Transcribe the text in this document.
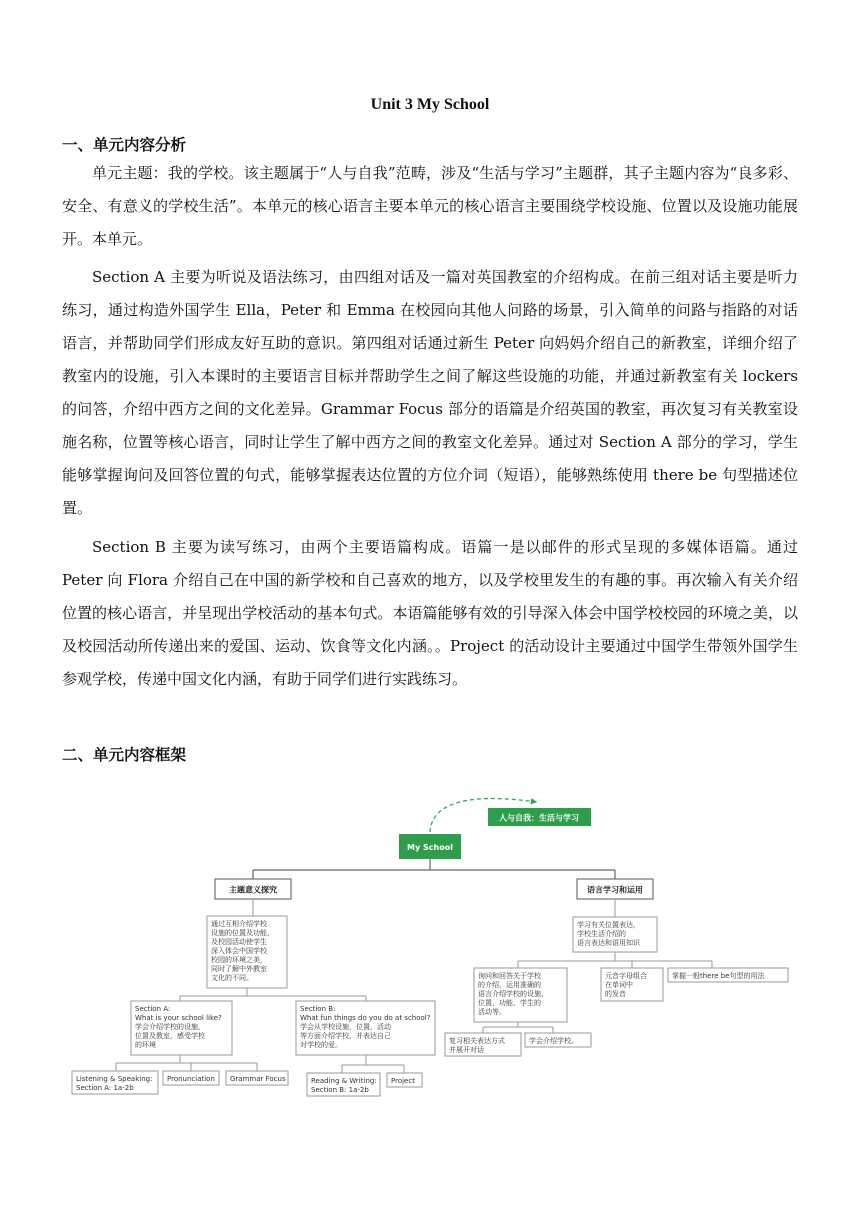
Unit 3 My School
一、单元内容分析

单元主题：我的学校。该主题属于“人与自我”范畴，涉及“生活与学习”主题群，其子主题内容为“良多彩、安全、有意义的学校生活”。本单元的核心语言主要本单元的核心语言主要围绕学校设施、位置以及设施功能展开。本单元。

Section A 主要为听说及语法练习，由四组对话及一篇对英国教室的介绍构成。在前三组对话主要是听力练习，通过构造外国学生 Ella，Peter 和 Emma 在校园向其他人问路的场景，引入简单的问路与指路的对话语言，并帮助同学们形成友好互助的意识。第四组对话通过新生 Peter 向妈妈介绍自己的新教室，详细介绍了教室内的设施，引入本课时的主要语言目标并帮助学生之间了解这些设施的功能，并通过新教室有关 lockers 的问答，介绍中西方之间的文化差异。Grammar Focus 部分的语篇是介绍英国的教室，再次复习有关教室设施名称，位置等核心语言，同时让学生了解中西方之间的教室文化差异。通过对 Section A 部分的学习，学生能够掌握询问及回答位置的句式，能够掌握表达位置的方位介词（短语），能够熟练使用 there be 句型描述位置。

Section B 主要为读写练习，由两个主要语篇构成。语篇一是以邮件的形式呈现的多媒体语篇。通过 Peter 向 Flora 介绍自己在中国的新学校和自己喜欢的地方，以及学校里发生的有趣的事。再次输入有关介绍位置的核心语言，并呈现出学校活动的基本句式。本语篇能够有效的引导深入体会中国学校校园的环境之美，以及校园活动所传递出来的爱国、运动、饮食等文化内涵。。Project 的活动设计主要通过中国学生带领外国学生参观学校，传递中国文化内涵，有助于同学们进行实践练习。

二、单元内容框架
人与自我：生活与学习
My School
主题意义探究	语言学习和运用
通过互相介绍学校
设施的位置及功能，
及校园活动使学生
深入体会中国学校
校园的环境之美，
同时了解中外教室
文化的不同。
Section A:
What is your school like?
学会介绍学校的设施，
位置及教室，感受学校
的环境
Section B:
What fun things do you do at school?
学会从学校设施，位置，活动
等方面介绍学校，并表达自己
对学校的爱。
Listening & Speaking:
Section A: 1a-2b
Pronunciation Grammar Focus	Reading & Writing:
Section B: 1a-2b
Project
学习有关位置表达，
学校生活介绍的
语言表达和语用知识
询问和回答关于学校
的介绍，运用准确的
语言介绍学校的设施、
位置、功能、学生的
活动等。
元音字母组合
在单词中
的发音
掌握一般there be句型的用法
复习相关表达方式
并展开对话
学会介绍学校。
